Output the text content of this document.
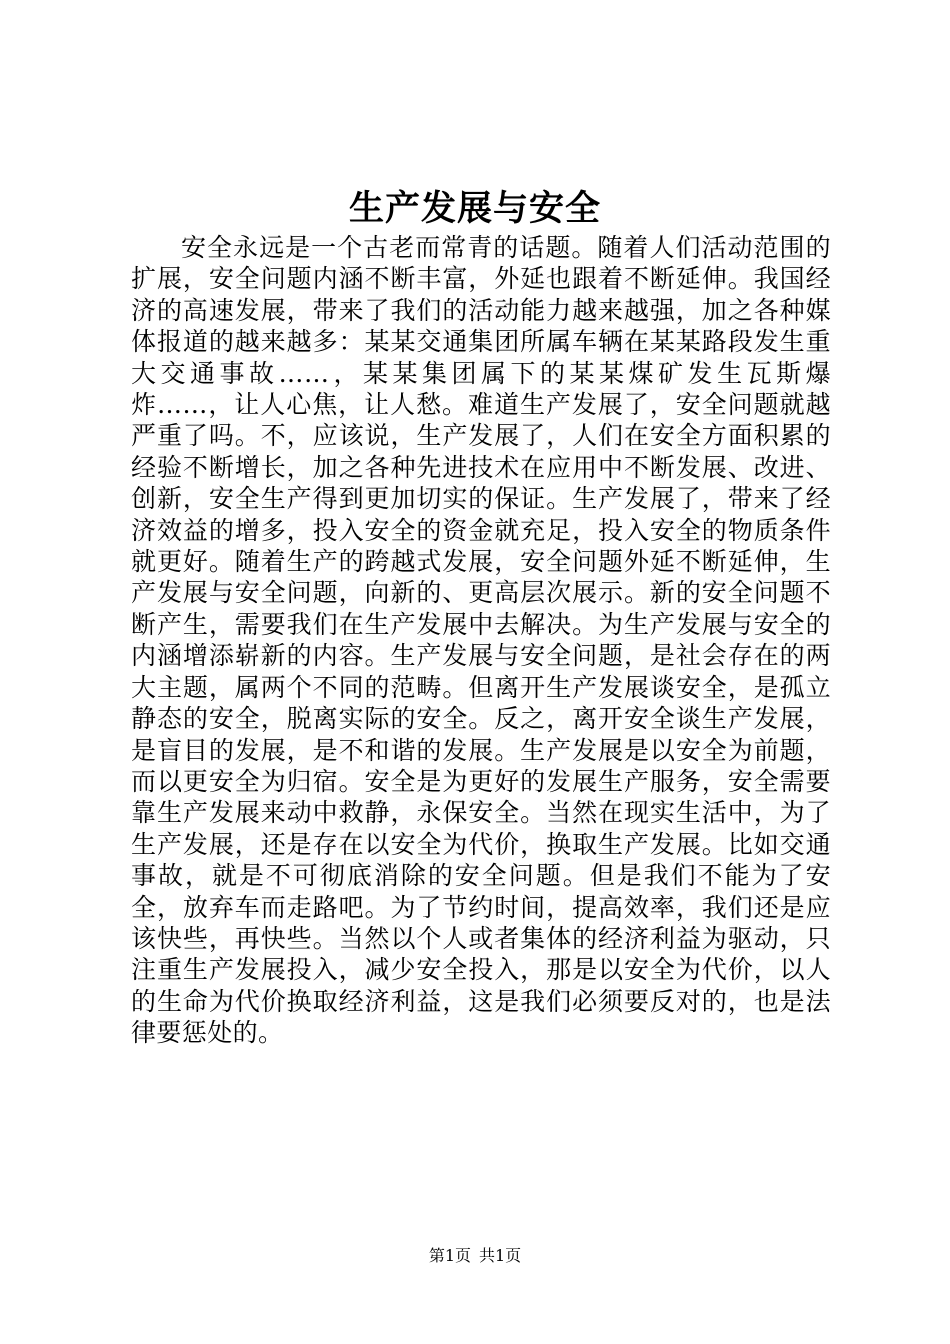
生产发展与安全

安全永远是一个古老而常青的话题。随着人们活动范围的扩展，安全问题内涵不断丰富，外延也跟着不断延伸。我国经济的高速发展，带来了我们的活动能力越来越强，加之各种媒体报道的越来越多：某某交通集团所属车辆在某某路段发生重大交通事故……，某某集团属下的某某煤矿发生瓦斯爆炸……，让人心焦，让人愁。难道生产发展了，安全问题就越严重了吗。不，应该说，生产发展了，人们在安全方面积累的经验不断增长，加之各种先进技术在应用中不断发展、改进、创新，安全生产得到更加切实的保证。生产发展了，带来了经济效益的增多，投入安全的资金就充足，投入安全的物质条件就更好。随着生产的跨越式发展，安全问题外延不断延伸，生产发展与安全问题，向新的、更高层次展示。新的安全问题不断产生，需要我们在生产发展中去解决。为生产发展与安全的内涵增添崭新的内容。生产发展与安全问题，是社会存在的两大主题，属两个不同的范畴。但离开生产发展谈安全，是孤立静态的安全，脱离实际的安全。反之，离开安全谈生产发展，是盲目的发展，是不和谐的发展。生产发展是以安全为前题，而以更安全为归宿。安全是为更好的发展生产服务，安全需要靠生产发展来动中救静，永保安全。当然在现实生活中，为了生产发展，还是存在以安全为代价，换取生产发展。比如交通事故，就是不可彻底消除的安全问题。但是我们不能为了安全，放弃车而走路吧。为了节约时间，提高效率，我们还是应该快些，再快些。当然以个人或者集体的经济利益为驱动，只注重生产发展投入，减少安全投入，那是以安全为代价，以人的生命为代价换取经济利益，这是我们必须要反对的，也是法律要惩处的。

第1页 共1页
